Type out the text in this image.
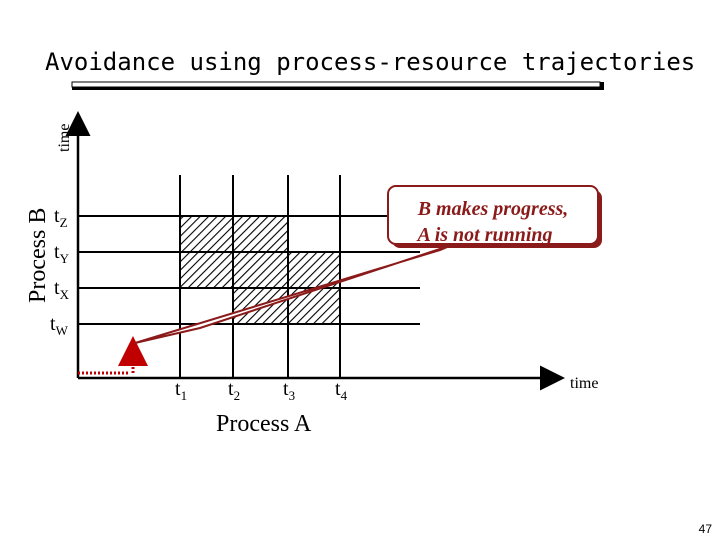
Avoidance using process-resource trajectories
B makes progress,
A is not running
Process B
time
$t_Z$
$t_Y$
$t_X$
$t_W$
$t_1$ $t_2$ $t_3$ $t_4$
Process A
time
47
